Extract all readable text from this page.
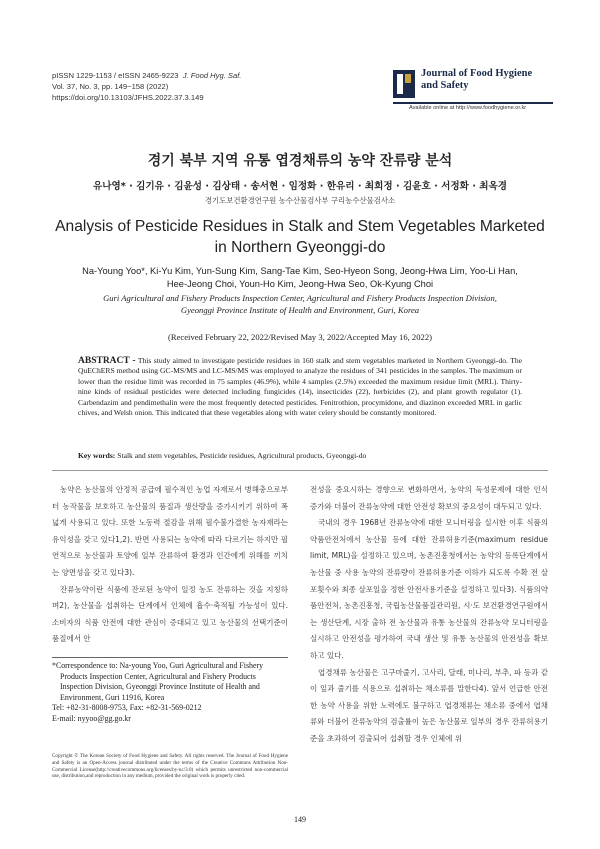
pISSN 1229-1153 / eISSN 2465-9223 J. Food Hyg. Saf.
Vol. 37, No. 3, pp. 149~158 (2022)
https://doi.org/10.13103/JFHS.2022.37.3.149
Journal of Food Hygiene
and Safety
Available online at http://www.foodhygiene.or.kr
경기 북부 지역 유통 엽경채류의 농약 잔류량 분석
유나영* · 김기유 · 김윤성 · 김상태 · 송서현 · 임정화 · 한유리 · 최희정 · 김윤호 · 서정화 · 최옥경
경기도보건환경연구원 농수산물검사부 구리농수산물검사소
Analysis of Pesticide Residues in Stalk and Stem Vegetables Marketed
in Northern Gyeonggi-do
Na-Young Yoo*, Ki-Yu Kim, Yun-Sung Kim, Sang-Tae Kim, Seo-Hyeon Song, Jeong-Hwa Lim, Yoo-Li Han,
Hee-Jeong Choi, Youn-Ho Kim, Jeong-Hwa Seo, Ok-Kyung Choi
Guri Agricultural and Fishery Products Inspection Center, Agricultural and Fishery Products Inspection Division,
Gyeonggi Province Institute of Health and Environment, Guri, Korea
(Received February 22, 2022/Revised May 3, 2022/Accepted May 16, 2022)
ABSTRACT - This study aimed to investigate pesticide residues in 160 stalk and stem vegetables marketed in Northern Gyeonggi-do. The QuEChERS method using GC-MS/MS and LC-MS/MS was employed to analyze the residues of 341 pesticides in the samples. The maximum or lower than the residue limit was recorded in 75 samples (46.9%), while 4 samples (2.5%) exceeded the maximum residue limit (MRL). Thirty-nine kinds of residual pesticides were detected including fungicides (14), insecticides (22), herbicides (2), and plant growth regulator (1). Carbendazim and pendimethalin were the most frequently detected pesticides. Fenitrothion, procymidone, and diazinon exceeded MRL in garlic chives, and Welsh onion. This indicated that these vegetables along with water celery should be constantly monitored.
Key words: Stalk and stem vegetables, Pesticide residues, Agricultural products, Gyeonggi-do

농약은 농산물의 안정적 공급에 필수적인 농업 자재로서 병해충으로부터 농작물을 보호하고 농산물의 품질과 생산량을 증가시키기 위하여 폭넓게 사용되고 있다. 또한 노동력 절감을 위해 필수불가결한 농자재라는 유익성을 갖고 있다1,2). 반면 사용되는 농약에 따라 다르기는 하지만 필연적으로 농산물과 토양에 일부 잔류하여 환경과 인간에게 위해를 끼치는 양면성을 갖고 있다3).

잔류농약이란 식품에 잔로된 농약이 일정 농도 잔류하는 것을 지칭하며2), 농산물을 섭취하는 단계에서 인체에 흡수·축적될 가능성이 있다. 소비자의 식품 안전에 대한 관심이 증대되고 있고 농산물의 선택기준이 품질에서 안

전성을 중요시하는 경향으로 변화하면서, 농약의 독성문제에 대한 인식 증가와 더불어 잔류농약에 대한 안전성 확보의 중요성이 대두되고 있다.

국내의 경우 1968년 잔류농약에 대한 모니터링을 실시한 이후 식품의약품안전처에서 농산물 등에 대한 잔류허용기준(maximum residue limit, MRL)을 설정하고 있으며, 농촌진흥청에서는 농약의 등록단계에서 농산물 중 사용 농약의 잔류량이 잔류허용기준 이하가 되도록 수확 전 살포횟수와 최종 살포일을 정한 안전사용기준을 설정하고 있다3). 식품의약품안전처, 농촌진흥청, 국립농산물품질관리원, 시·도 보건환경연구원에서는 생산단계, 시장 출하 전 농산물과 유통 농산물의 잔류농약 모니터링을 실시하고 안전성을 평가하여 국내 생산 및 유통 농산물의 안전성을 확보하고 있다.

엽경채류 농산물은 고구마줄기, 고사리, 달래, 미나리, 부추, 파 등과 같이 잎과 줄기를 식용으로 섭취하는 채소류를 말한다4). 앞서 언급한 안전한 농약 사용을 위한 노력에도 불구하고 엽경채류는 채소류 중에서 엽채류와 더불어 잔류농약의 검출률이 높은 농산물로 일부의 경우 잔류허용기준을 초과하여 검출되어 섭취할 경우 인체에 위

*Correspondence to: Na-young Yoo, Guri Agricultural and Fishery Products Inspection Center, Agricultural and Fishery Products Inspection Division, Gyeonggi Province Institute of Health and Environment, Guri 11916, Korea
Tel: +82-31-8008-9753, Fax: +82-31-569-0212
E-mail: nyyoo@gg.go.kr
Copyright © The Korean Society of Food Hygiene and Safety. All rights reserved. The Journal of Food Hygiene and Safety is an Open-Access journal distributed under the terms of the Creative Commons Attribution Non-Commercial License(http://creativecommons.org/licenses/by-nc/3.0) which permits unrestricted non-commercial use, distribution,and reproduction in any medium, provided the original work is properly cited.
149
